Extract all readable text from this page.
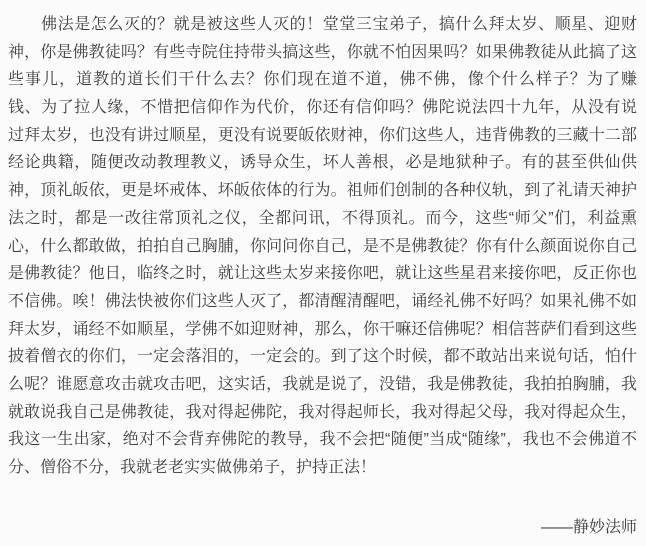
　　佛法是怎么灭的？就是被这些人灭的！堂堂三宝弟子，搞什么拜太岁、顺星、迎财
神，你是佛教徒吗？有些寺院住持带头搞这些，你就不怕因果吗？如果佛教徒从此搞了这
些事儿，道教的道长们干什么去？你们现在道不道，佛不佛，像个什么样子？为了赚
钱、为了拉人缘，不惜把信仰作为代价，你还有信仰吗？佛陀说法四十九年，从没有说
过拜太岁，也没有讲过顺星，更没有说要皈依财神，你们这些人，违背佛教的三藏十二部
经论典籍，随便改动教理教义，诱导众生，坏人善根，必是地狱种子。有的甚至供仙供
神，顶礼皈依，更是坏戒体、坏皈依体的行为。祖师们创制的各种仪轨，到了礼请天神护
法之时，都是一改往常顶礼之仪，全都问讯，不得顶礼。而今，这些“师父”们，利益熏
心，什么都敢做，拍拍自己胸脯，你问问你自己，是不是佛教徒？你有什么颜面说你自己
是佛教徒？他日，临终之时，就让这些太岁来接你吧，就让这些星君来接你吧，反正你也
不信佛。唉！佛法快被你们这些人灭了，都清醒清醒吧，诵经礼佛不好吗？如果礼佛不如
拜太岁，诵经不如顺星，学佛不如迎财神，那么，你干嘛还信佛呢？相信菩萨们看到这些
披着僧衣的你们，一定会落泪的，一定会的。到了这个时候，都不敢站出来说句话，怕什
么呢？谁愿意攻击就攻击吧，这实话，我就是说了，没错，我是佛教徒，我拍拍胸脯，我
就敢说我自己是佛教徒，我对得起佛陀，我对得起师长，我对得起父母，我对得起众生，
我这一生出家，绝对不会背弃佛陀的教导，我不会把“随便”当成“随缘”，我也不会佛道不
分、僧俗不分，我就老老实实做佛弟子，护持正法！
——静妙法师
